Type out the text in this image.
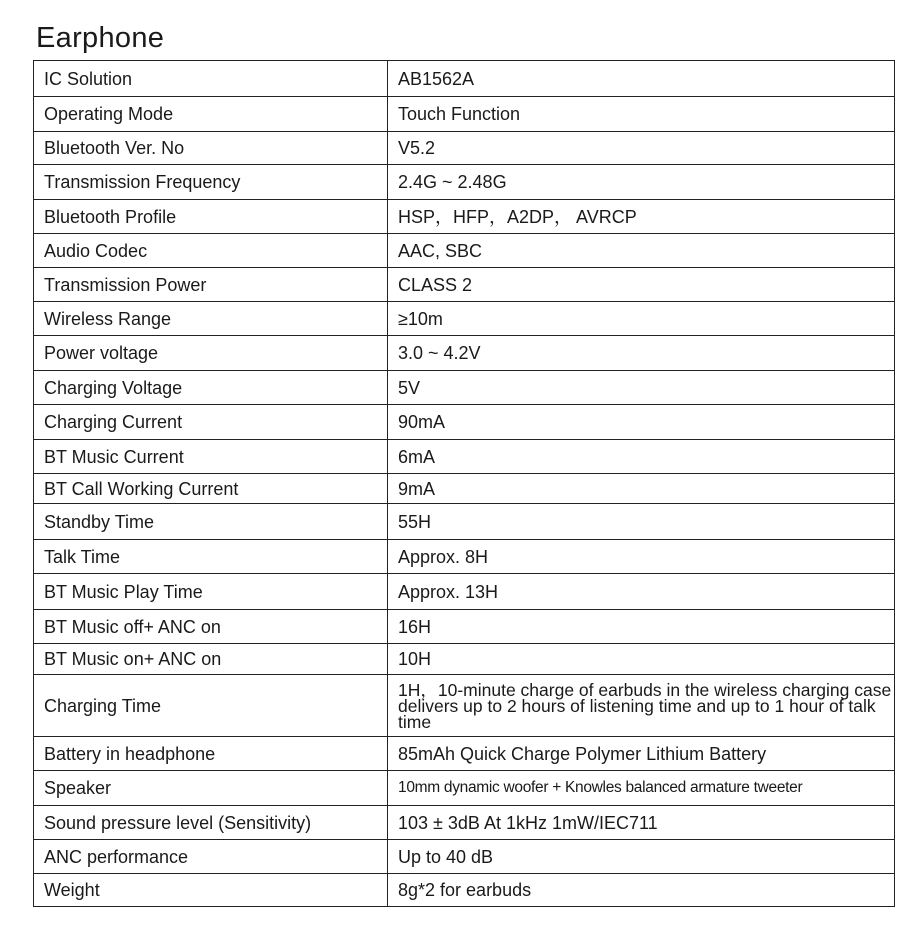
Earphone
IC Solution	AB1562A
Operating Mode	Touch Function
Bluetooth Ver. No	V5.2
Transmission Frequency	2.4G ~ 2.48G
Bluetooth Profile	HSP，HFP，A2DP， AVRCP
Audio Codec	AAC, SBC
Transmission Power	CLASS 2
Wireless Range	≥10m
Power voltage	3.0 ~ 4.2V
Charging Voltage	5V
Charging Current	90mA
BT Music Current	6mA
BT Call Working Current	9mA
Standby Time	55H
Talk Time	Approx. 8H
BT Music Play Time	Approx. 13H
BT Music off+ ANC on	16H
BT Music on+ ANC on	10H
Charging Time	1H，10-minute charge of earbuds in the wireless charging case delivers up to 2 hours of listening time and up to 1 hour of talk time
Battery in headphone	85mAh Quick Charge Polymer Lithium Battery
Speaker	10mm dynamic woofer + Knowles balanced armature tweeter
Sound pressure level (Sensitivity)	103 ± 3dB At 1kHz 1mW/IEC711
ANC performance	Up to 40 dB
Weight	8g*2 for earbuds
